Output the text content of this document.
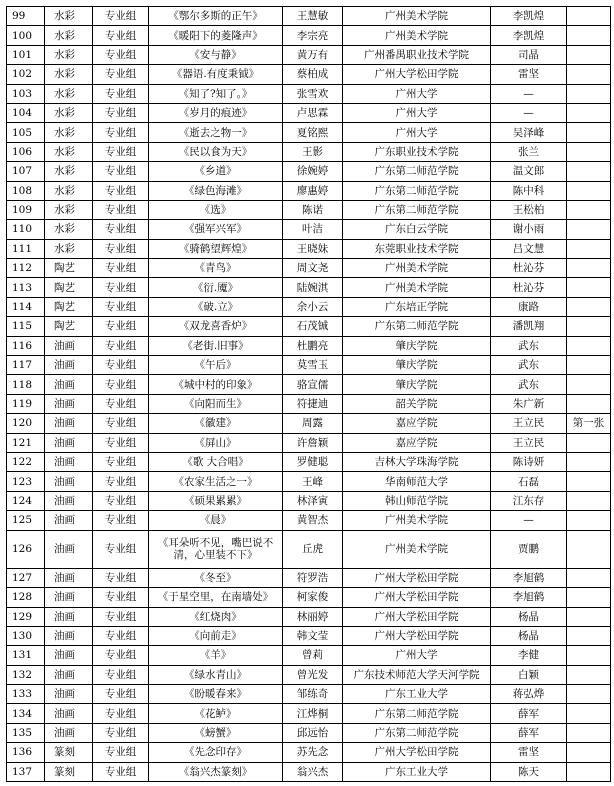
99	水彩	专业组	《鄂尔多斯的正午》	王慧敏	广州美术学院	李凯煌	
100	水彩	专业组	《暖阳下的菱隆声》	李宗亮	广州美术学院	李凯煌	
101	水彩	专业组	《安与静》	黄万有	广州番禺职业技术学院	司晶	
102	水彩	专业组	《器语.有度秉钺》	蔡柏成	广州大学松田学院	雷坚	
103	水彩	专业组	《知了?知了。》	张雪欢	广州大学	—	
104	水彩	专业组	《岁月的痕迹》	卢思霖	广州大学	—	
105	水彩	专业组	《逝去之物一》	夏铭熙	广州大学	吴泽峰	
106	水彩	专业组	《民以食为天》	王影	广东职业技术学院	张兰	
107	水彩	专业组	《乡道》	徐婉婷	广东第二师范学院	温文郎	
108	水彩	专业组	《绿色海滩》	廖惠婷	广东第二师范学院	陈中科	
109	水彩	专业组	《选》	陈诺	广东第二师范学院	王松柏	
110	水彩	专业组	《强军兴军》	叶洁	广东白云学院	谢小雨	
111	水彩	专业组	《骑鹤望辉煌》	王晓妹	东莞职业技术学院	吕文慧	
112	陶艺	专业组	《青鸟》	周文尧	广州美术学院	杜沁芬	
113	陶艺	专业组	《衍.魇》	陆婉淇	广州美术学院	杜沁芬	
114	陶艺	专业组	《破.立》	余小云	广东培正学院	康路	
115	陶艺	专业组	《双龙喜香炉》	石茂铖	广东第二师范学院	潘凯翔	
116	油画	专业组	《老街.旧事》	杜鹏亮	肇庆学院	武东	
117	油画	专业组	《午后》	莫雪玉	肇庆学院	武东	
118	油画	专业组	《城中村的印象》	骆宣儒	肇庆学院	武东	
119	油画	专业组	《向阳而生》	符捷迪	韶关学院	朱广新	
120	油画	专业组	《徽建》	周露	嘉应学院	王立民	第一张
121	油画	专业组	《屏山》	许詹颖	嘉应学院	王立民	
122	油画	专业组	《歌 大合唱》	罗健聪	吉林大学珠海学院	陈诗妍	
123	油画	专业组	《农家生活之一》	王峰	华南师范大学	石磊	
124	油画	专业组	《硕果累累》	林泽寅	韩山师范学院	江东存	
125	油画	专业组	《晨》	黄智杰	广州美术学院	—	
126	油画	专业组	《耳朵听不见，嘴巴说不清，心里装不下》	丘虎	广州美术学院	贾鹏	
127	油画	专业组	《冬至》	符罗浩	广州大学松田学院	李旭鹤	
128	油画	专业组	《于星空里，在南墙处》	柯家俊	广州大学松田学院	李旭鹤	
129	油画	专业组	《红烧肉》	林丽婷	广州大学松田学院	杨晶	
130	油画	专业组	《向前走》	韩文莹	广州大学松田学院	杨晶	
131	油画	专业组	《羊》	曾莉	广州大学	李健	
132	油画	专业组	《绿水青山》	曾光发	广东技术师范大学天河学院	白颖	
133	油画	专业组	《盼暖春来》	邹练奇	广东工业大学	蒋弘烨	
134	油画	专业组	《花鲈》	江烨桐	广东第二师范学院	薛军	
135	油画	专业组	《螃蟹》	邱远怡	广东第二师范学院	薛军	
136	篆刻	专业组	《先念印存》	苏先念	广州大学松田学院	雷坚	
137	篆刻	专业组	《翁兴杰篆刻》	翁兴杰	广东工业大学	陈天	
